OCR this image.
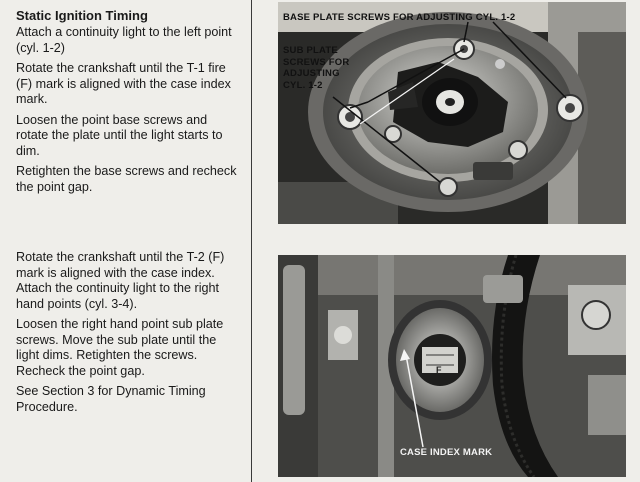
Static Ignition Timing

Attach a continuity light to the left point (cyl. 1-2)

Rotate the crankshaft until the T-1 fire (F) mark is aligned with the case index mark.

Loosen the point base screws and rotate the plate until the light starts to dim.

Retighten the base screws and recheck the point gap.

Rotate the crankshaft until the T-2 (F) mark is aligned with the case index. Attach the continuity light to the right hand points (cyl. 3-4).

Loosen the right hand point sub plate screws. Move the sub plate until the light dims. Retighten the screws. Recheck the point gap.

See Section 3 for Dynamic Timing Procedure.

BASE PLATE SCREWS FOR ADJUSTING CYL. 1-2
SUB PLATE
SCREWS FOR
ADJUSTING
CYL. 1-2
F
CASE INDEX MARK
